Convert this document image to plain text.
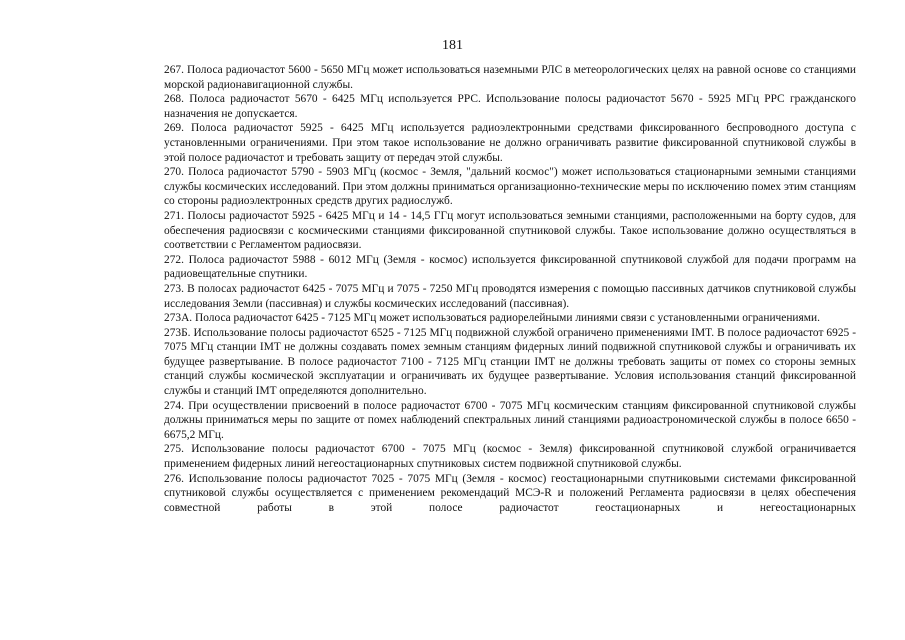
181

267. Полоса радиочастот 5600 - 5650 МГц может использоваться наземными РЛС в метеорологических целях на равной основе со станциями морской радионавигационной службы.

268. Полоса радиочастот 5670 - 6425 МГц используется РРС. Использование полосы радиочастот 5670 - 5925 МГц РРС гражданского назначения не допускается.

269. Полоса радиочастот 5925 - 6425 МГц используется радиоэлектронными средствами фиксированного беспроводного доступа с установленными ограничениями. При этом такое использование не должно ограничивать развитие фиксированной спутниковой службы в этой полосе радиочастот и требовать защиту от передач этой службы.

270. Полоса радиочастот 5790 - 5903 МГц (космос - Земля, "дальний космос") может использоваться стационарными земными станциями службы космических исследований. При этом должны приниматься организационно-технические меры по исключению помех этим станциям со стороны радиоэлектронных средств других радиослужб.

271. Полосы радиочастот 5925 - 6425 МГц и 14 - 14,5 ГГц могут использоваться земными станциями, расположенными на борту судов, для обеспечения радиосвязи с космическими станциями фиксированной спутниковой службы. Такое использование должно осуществляться в соответствии с Регламентом радиосвязи.

272. Полоса радиочастот 5988 - 6012 МГц (Земля - космос) используется фиксированной спутниковой службой для подачи программ на радиовещательные спутники.

273. В полосах радиочастот 6425 - 7075 МГц и 7075 - 7250 МГц проводятся измерения с помощью пассивных датчиков спутниковой службы исследования Земли (пассивная) и службы космических исследований (пассивная).

273А. Полоса радиочастот 6425 - 7125 МГц может использоваться радиорелейными линиями связи с установленными ограничениями.

273Б. Использование полосы радиочастот 6525 - 7125 МГц подвижной службой ограничено применениями IMT. В полосе радиочастот 6925 - 7075 МГц станции IMT не должны создавать помех земным станциям фидерных линий подвижной спутниковой службы и ограничивать их будущее развертывание. В полосе радиочастот 7100 - 7125 МГц станции IMT не должны требовать защиты от помех со стороны земных станций службы космической эксплуатации и ограничивать их будущее развертывание. Условия использования станций фиксированной службы и станций IMT определяются дополнительно.

274. При осуществлении присвоений в полосе радиочастот 6700 - 7075 МГц космическим станциям фиксированной спутниковой службы должны приниматься меры по защите от помех наблюдений спектральных линий станциями радиоастрономической службы в полосе 6650 - 6675,2 МГц.

275. Использование полосы радиочастот 6700 - 7075 МГц (космос - Земля) фиксированной спутниковой службой ограничивается применением фидерных линий негеостационарных спутниковых систем подвижной спутниковой службы.

276. Использование полосы радиочастот 7025 - 7075 МГц (Земля - космос) геостационарными спутниковыми системами фиксированной спутниковой службы осуществляется с применением рекомендаций МСЭ-R и положений Регламента радиосвязи в целях обеспечения совместной работы в этой полосе радиочастот геостационарных и негеостационарных
